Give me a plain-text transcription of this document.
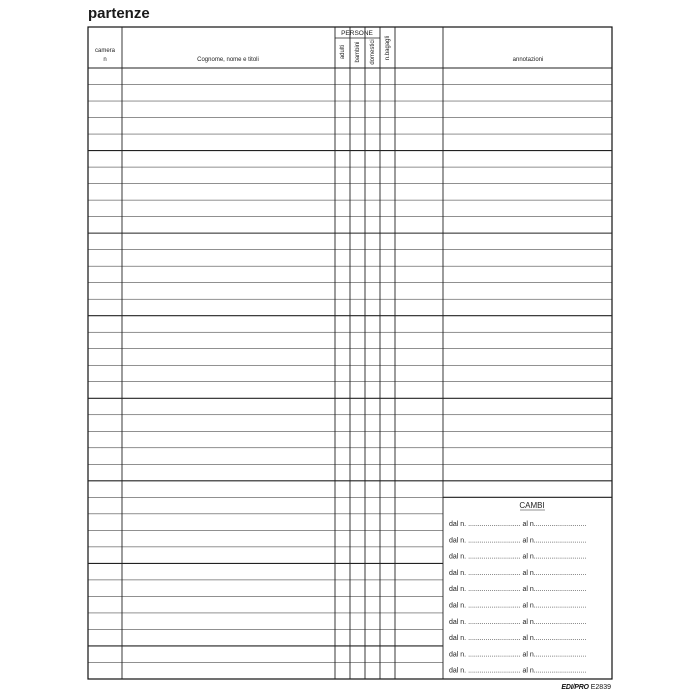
partenze
camera
n	Cognome, nome e titoli
PERSONE
adulti bambini domestici n.bagagli	annotazioni
CAMBI
dal n. ........................... al n...........................
dal n. ........................... al n...........................
dal n. ........................... al n...........................
dal n. ........................... al n...........................
dal n. ........................... al n...........................
dal n. ........................... al n...........................
dal n. ........................... al n...........................
dal n. ........................... al n...........................
dal n. ........................... al n...........................
dal n. ........................... al n...........................
EDI/PRO E2839
